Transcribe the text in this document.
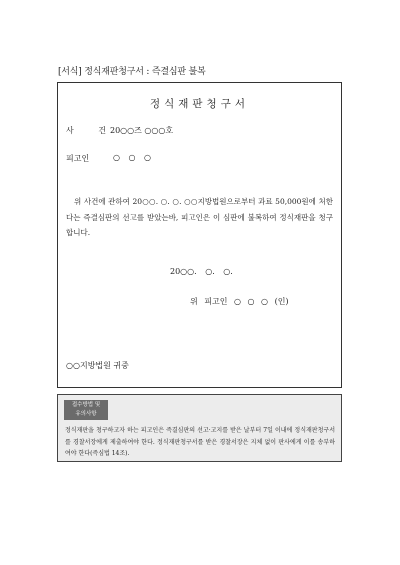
[서식] 정식재판청구서 : 즉결심판 불복
정식재판청구서
사 건
20○○즈 ○○○호
피고인	○ ○ ○
위 사건에 관하여 20○○. ○. ○. ○○지방법원으로부터 과료 50,000원에 처한다는 즉결심판의 선고를 받았는바, 피고인은 이 심판에 불복하여 정식재판을 청구합니다.
20○○. ○. ○.
위 피고인 ○ ○ ○ (인)
○○지방법원 귀중
접수방법 및
유의사항
정식재판을 청구하고자 하는 피고인은 즉결심판의 선고·고지를 받은 날부터 7일 이내에 정식재판청구서를 경찰서장에게 제출하여야 한다. 정식재판청구서를 받은 경찰서장은 지체 없이 판사에게 이를 송부하여야 한다(즉심법 14조).
